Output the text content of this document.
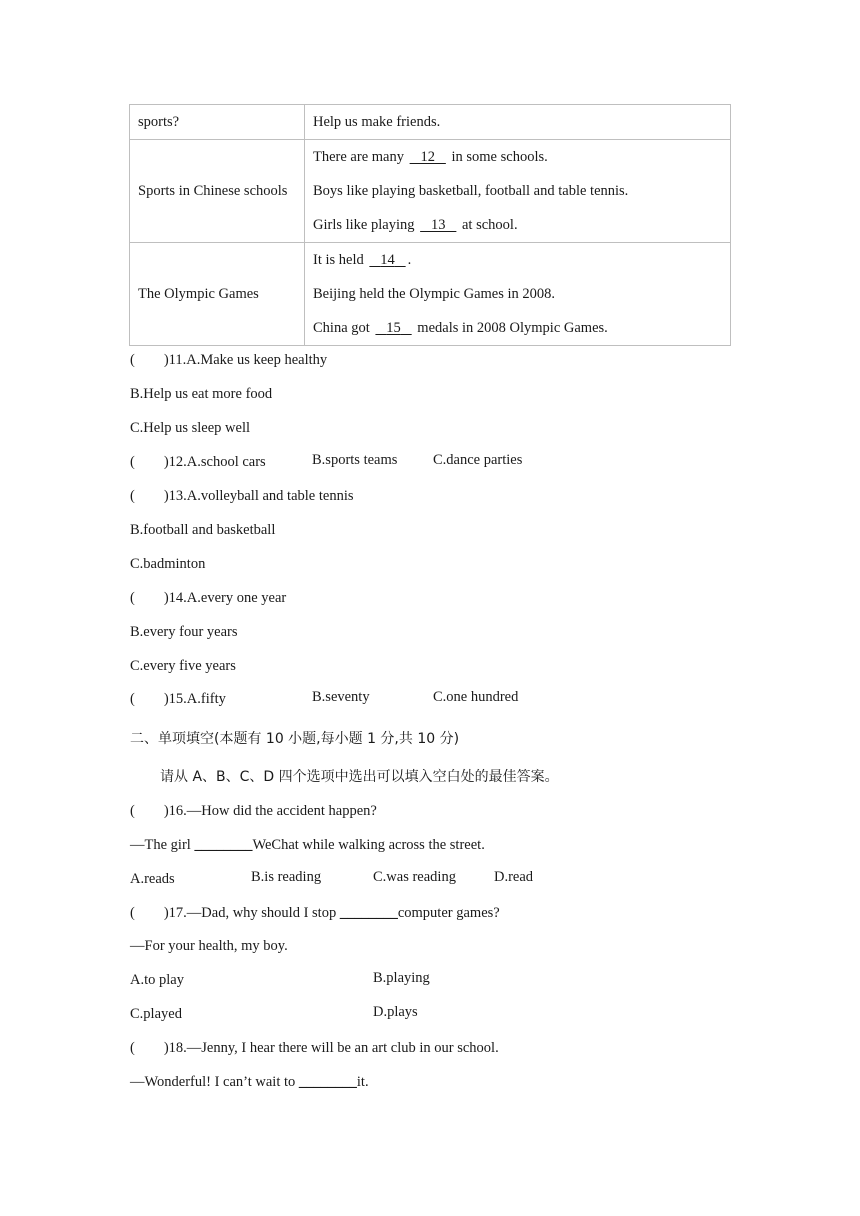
sports?	Help us make friends.

Sports in Chinese schools	There are many    12    in some schools.
Boys like playing basketball, football and table tennis.
Girls like playing    13    at school.

The Olympic Games	It is held    14 .
Beijing held the Olympic Games in 2008.
China got    15    medals in 2008 Olympic Games.
(        )11.A.Make us keep healthy
B.Help us eat more food
C.Help us sleep well
(        )12.A.school cars	B.sports teams C.dance parties
(        )13.A.volleyball and table tennis
B.football and basketball
C.badminton
(        )14.A.every one year
B.every four years
C.every five years
(        )15.A.fifty	B.seventy	C.one hundred
二、单项填空(本题有 10 小题,每小题 1 分,共 10 分)
请从 A、B、C、D 四个选项中选出可以填入空白处的最佳答案。
(        )16.—How did the accident happen?
—The girl ________WeChat while walking across the street.
A.reads	B.is reading	C.was reading	D.read
(        )17.—Dad, why should I stop ________computer games?
—For your health, my boy.
A.to play	B.playing
C.played	D.plays
(        )18.—Jenny, I hear there will be an art club in our school.
—Wonderful! I can’t wait to ________it.
